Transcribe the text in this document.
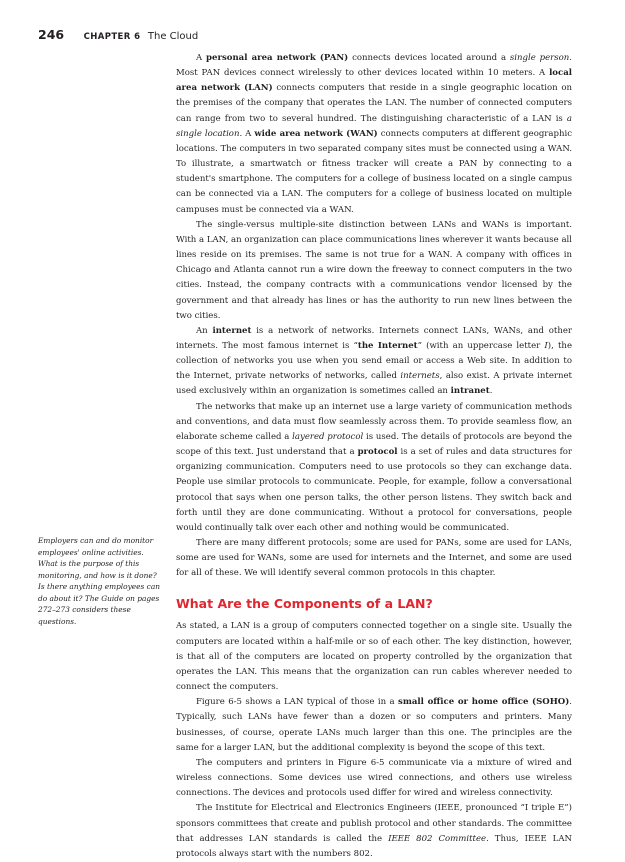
246 CHAPTER 6 The Cloud

A personal area network (PAN) connects devices located around a single person. Most PAN devices connect wirelessly to other devices located within 10 meters. A local area network (LAN) connects computers that reside in a single geographic location on the premises of the company that operates the LAN. The number of connected computers can range from two to several hundred. The distinguishing characteristic of a LAN is a single location. A wide area network (WAN) connects computers at different geographic locations. The computers in two separated company sites must be connected using a WAN. To illustrate, a smartwatch or fitness tracker will create a PAN by connecting to a student's smartphone. The computers for a college of business located on a single campus can be connected via a LAN. The computers for a college of business located on multiple campuses must be connected via a WAN.

The single-versus multiple-site distinction between LANs and WANs is important. With a LAN, an organization can place communications lines wherever it wants because all lines reside on its premises. The same is not true for a WAN. A company with offices in Chicago and Atlanta cannot run a wire down the freeway to connect computers in the two cities. Instead, the company contracts with a communications vendor licensed by the government and that already has lines or has the authority to run new lines between the two cities.

An internet is a network of networks. Internets connect LANs, WANs, and other internets. The most famous internet is “the Internet” (with an uppercase letter I), the collection of networks you use when you send email or access a Web site. In addition to the Internet, private networks of networks, called internets, also exist. A private internet used exclusively within an organization is sometimes called an intranet.

The networks that make up an internet use a large variety of communication methods and conventions, and data must flow seamlessly across them. To provide seamless flow, an elaborate scheme called a layered protocol is used. The details of protocols are beyond the scope of this text. Just understand that a protocol is a set of rules and data structures for organizing communication. Computers need to use protocols so they can exchange data. People use similar protocols to communicate. People, for example, follow a conversational protocol that says when one person talks, the other person listens. They switch back and forth until they are done communicating. Without a protocol for conversations, people would continually talk over each other and nothing would be communicated.

There are many different protocols; some are used for PANs, some are used for LANs, some are used for WANs, some are used for internets and the Internet, and some are used for all of these. We will identify several common protocols in this chapter.

What Are the Components of a LAN?

As stated, a LAN is a group of computers connected together on a single site. Usually the computers are located within a half-mile or so of each other. The key distinction, however, is that all of the computers are located on property controlled by the organization that operates the LAN. This means that the organization can run cables wherever needed to connect the computers.

Figure 6-5 shows a LAN typical of those in a small office or home office (SOHO). Typically, such LANs have fewer than a dozen or so computers and printers. Many businesses, of course, operate LANs much larger than this one. The principles are the same for a larger LAN, but the additional complexity is beyond the scope of this text.

The computers and printers in Figure 6-5 communicate via a mixture of wired and wireless connections. Some devices use wired connections, and others use wireless connections. The devices and protocols used differ for wired and wireless connectivity.

The Institute for Electrical and Electronics Engineers (IEEE, pronounced “I triple E”) sponsors committees that create and publish protocol and other standards. The committee that addresses LAN standards is called the IEEE 802 Committee. Thus, IEEE LAN protocols always start with the numbers 802.

Employers can and do monitor employees' online activities. What is the purpose of this monitoring, and how is it done? Is there anything employees can do about it? The Guide on pages 272–273 considers these questions.
